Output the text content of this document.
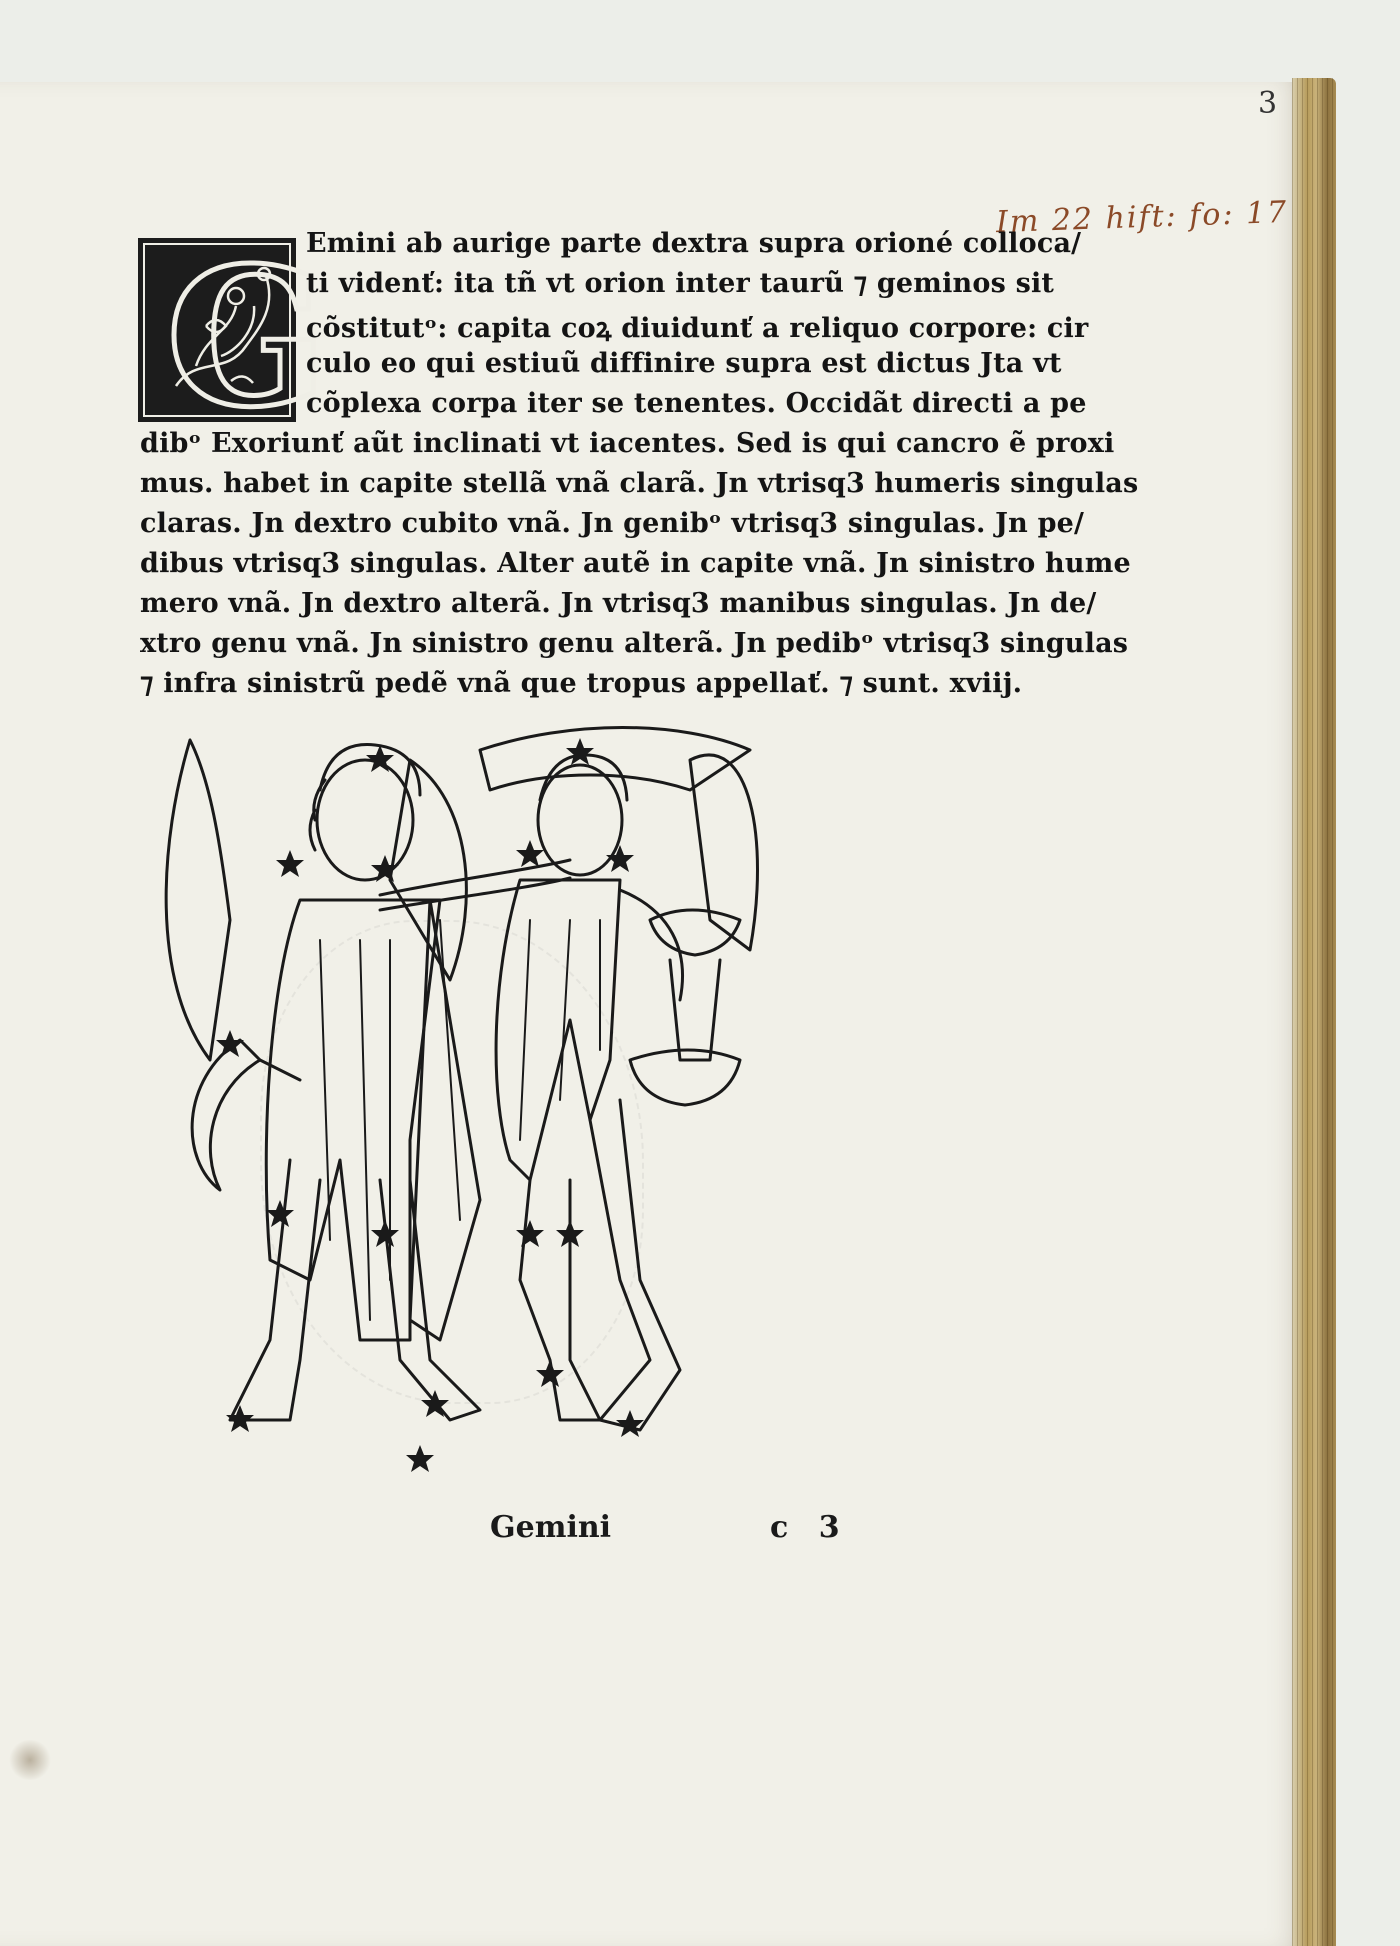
3
Im 22 hift: fo: 17
G
Emini ab aurige parte dextra supra orioné colloca/
ti videnť: ita tñ vt orion inter taurũ ⁊ geminos sit
cõstitutᵒ: capita coꝝ diuidunť a reliquo corpore: cir
culo eo qui estiuũ diffinire supra est dictus Jta vt
cõplexa corpa iter se tenentes. Occidãt directi a pe
dibᵒ Exoriunť aũt inclinati vt iacentes. Sed is qui cancro ẽ proxi
mus. habet in capite stellã vnã clarã. Jn vtrisq3 humeris singulas
claras. Jn dextro cubito vnã. Jn genibᵒ vtrisq3 singulas. Jn pe/
dibus vtrisq3 singulas. Alter autẽ in capite vnã. Jn sinistro hume
mero vnã. Jn dextro alterã. Jn vtrisq3 manibus singulas. Jn de/
xtro genu vnã. Jn sinistro genu alterã. Jn pedibᵒ vtrisq3 singulas
⁊ infra sinistrũ pedẽ vnã que tropus appellať. ⁊ sunt. xviij.
Gemini	c 3
